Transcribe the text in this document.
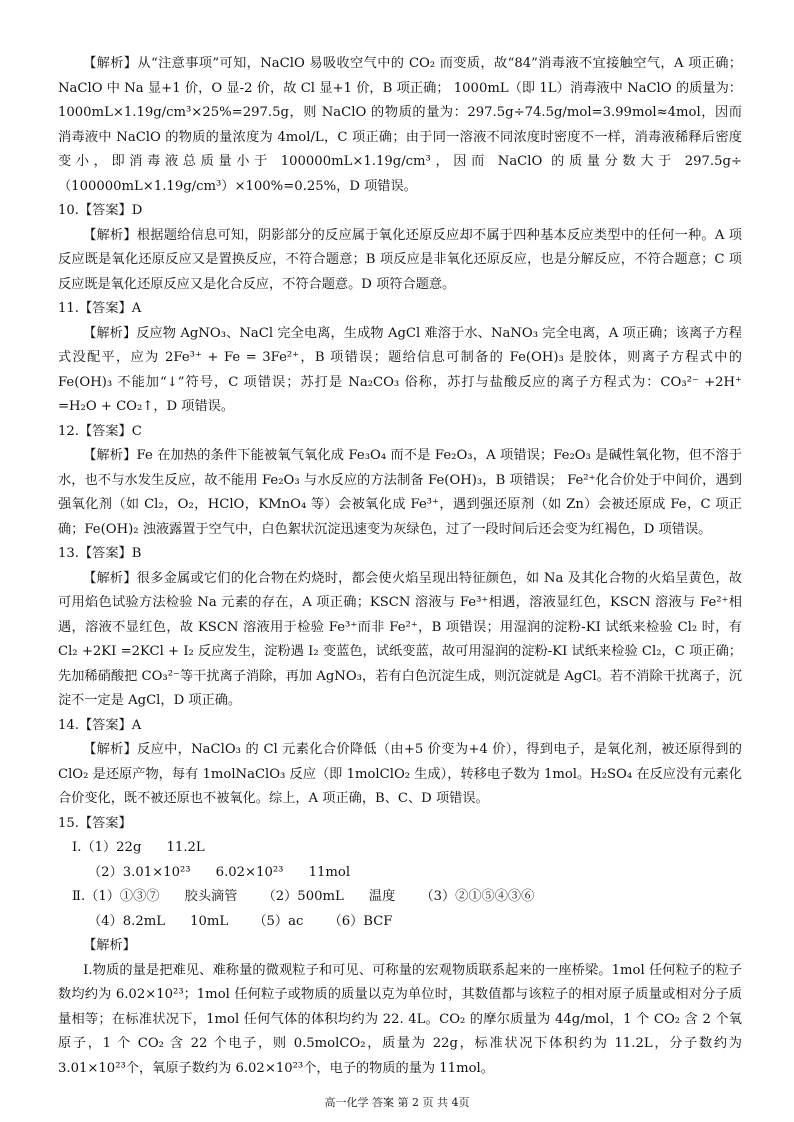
【解析】从“注意事项”可知，NaClO 易吸收空气中的 CO₂ 而变质，故“84”消毒液不宜接触空气，A 项正确；NaClO 中 Na 显+1 价，O 显-2 价，故 Cl 显+1 价，B 项正确； 1000mL（即 1L）消毒液中 NaClO 的质量为：1000mL×1.19g/cm³×25%=297.5g，则 NaClO 的物质的量为：297.5g÷74.5g/mol=3.99mol≈4mol，因而消毒液中 NaClO 的物质的量浓度为 4mol/L，C 项正确；由于同一溶液不同浓度时密度不一样，消毒液稀释后密度变小，即消毒液总质量小于 100000mL×1.19g/cm³，因而 NaClO 的质量分数大于 297.5g÷（100000mL×1.19g/cm³）×100%=0.25%，D 项错误。

10.【答案】D

【解析】根据题给信息可知，阴影部分的反应属于氧化还原反应却不属于四种基本反应类型中的任何一种。A 项反应既是氧化还原反应又是置换反应，不符合题意；B 项反应是非氧化还原反应，也是分解反应，不符合题意；C 项反应既是氧化还原反应又是化合反应，不符合题意。D 项符合题意。

11.【答案】A

【解析】反应物 AgNO₃、NaCl 完全电离，生成物 AgCl 难溶于水、NaNO₃ 完全电离，A 项正确；该离子方程式没配平，应为 2Fe³⁺ + Fe = 3Fe²⁺，B 项错误；题给信息可制备的 Fe(OH)₃ 是胶体，则离子方程式中的 Fe(OH)₃ 不能加“↓”符号，C 项错误；苏打是 Na₂CO₃ 俗称，苏打与盐酸反应的离子方程式为：CO₃²⁻ +2H⁺ =H₂O + CO₂↑，D 项错误。

12.【答案】C

【解析】Fe 在加热的条件下能被氧气氧化成 Fe₃O₄ 而不是 Fe₂O₃，A 项错误；Fe₂O₃ 是碱性氧化物，但不溶于水，也不与水发生反应，故不能用 Fe₂O₃ 与水反应的方法制备 Fe(OH)₃，B 项错误； Fe²⁺化合价处于中间价，遇到强氧化剂（如 Cl₂，O₂，HClO，KMnO₄ 等）会被氧化成 Fe³⁺，遇到强还原剂（如 Zn）会被还原成 Fe，C 项正确；Fe(OH)₂ 浊液露置于空气中，白色絮状沉淀迅速变为灰绿色，过了一段时间后还会变为红褐色，D 项错误。

13.【答案】B

【解析】很多金属或它们的化合物在灼烧时，都会使火焰呈现出特征颜色，如 Na 及其化合物的火焰呈黄色，故可用焰色试验方法检验 Na 元素的存在，A 项正确；KSCN 溶液与 Fe³⁺相遇，溶液显红色，KSCN 溶液与 Fe²⁺相遇，溶液不显红色，故 KSCN 溶液用于检验 Fe³⁺而非 Fe²⁺，B 项错误；用湿润的淀粉-KI 试纸来检验 Cl₂ 时，有 Cl₂ +2KI =2KCl + I₂ 反应发生，淀粉遇 I₂ 变蓝色，试纸变蓝，故可用湿润的淀粉-KI 试纸来检验 Cl₂，C 项正确；先加稀硝酸把 CO₃²⁻等干扰离子消除，再加 AgNO₃，若有白色沉淀生成，则沉淀就是 AgCl。若不消除干扰离子，沉淀不一定是 AgCl，D 项正确。

14.【答案】A

【解析】反应中，NaClO₃ 的 Cl 元素化合价降低（由+5 价变为+4 价），得到电子，是氧化剂，被还原得到的 ClO₂ 是还原产物，每有 1molNaClO₃ 反应（即 1molClO₂ 生成），转移电子数为 1mol。H₂SO₄ 在反应没有元素化合价变化，既不被还原也不被氧化。综上，A 项正确，B、C、D 项错误。

15.【答案】

Ⅰ.（1）22g      11.2L

（2）3.01×10²³      6.02×10²³      11mol

Ⅱ.（1）①③⑦      胶头滴管      （2）500mL      温度      （3）②①⑤④③⑥

（4）8.2mL      10mL      （5）ac      （6）BCF

【解析】

Ⅰ.物质的量是把难见、难称量的微观粒子和可见、可称量的宏观物质联系起来的一座桥梁。1mol 任何粒子的粒子数均约为 6.02×10²³；1mol 任何粒子或物质的质量以克为单位时，其数值都与该粒子的相对原子质量或相对分子质量相等；在标准状况下，1mol 任何气体的体积均约为 22. 4L。CO₂ 的摩尔质量为 44g/mol，1 个 CO₂ 含 2 个氧原子，1 个 CO₂ 含 22 个电子，则 0.5molCO₂，质量为 22g，标准状况下体积约为 11.2L，分子数约为 3.01×10²³个，氧原子数约为 6.02×10²³个，电子的物质的量为 11mol。

高一化学 答案 第 2 页 共 4页
